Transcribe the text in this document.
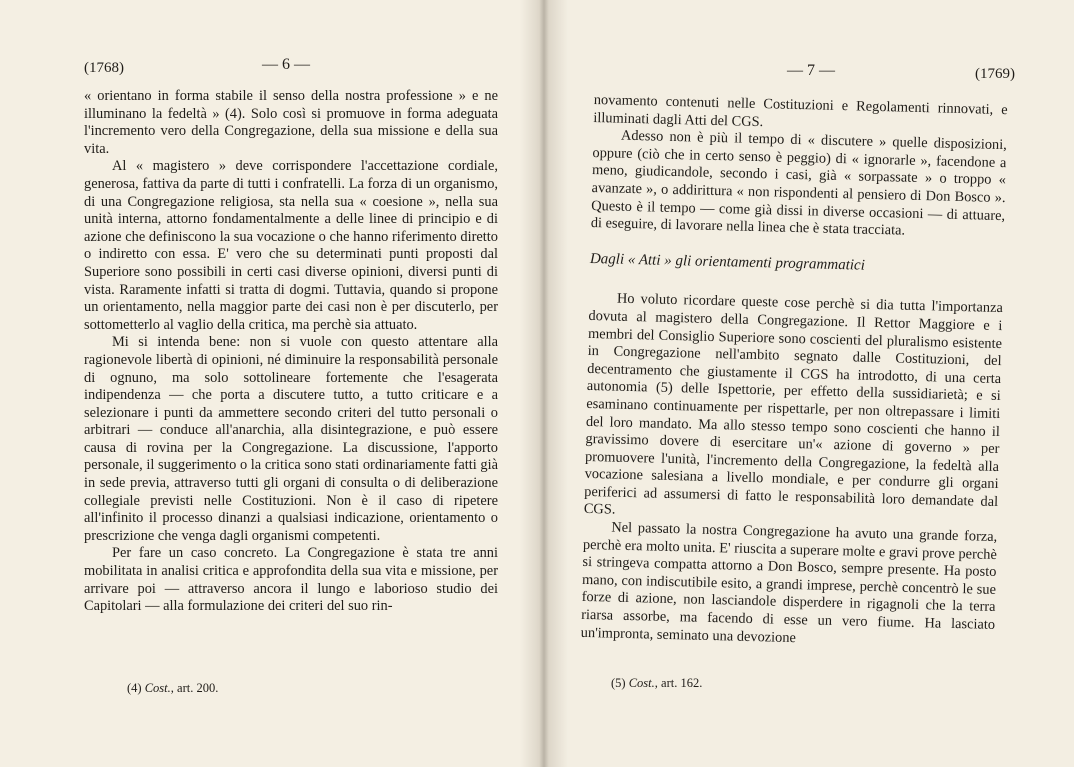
(1768)	— 6 —

« orientano in forma stabile il senso della nostra professione » e ne illuminano la fedeltà » (4). Solo così si promuove in forma adeguata l'incremento vero della Congregazione, della sua missione e della sua vita.

Al « magistero » deve corrispondere l'accettazione cordiale, generosa, fattiva da parte di tutti i confratelli. La forza di un organismo, di una Congregazione religiosa, sta nella sua « coesione », nella sua unità interna, attorno fondamentalmente a delle linee di principio e di azione che definiscono la sua vocazione o che hanno riferimento diretto o indiretto con essa. E' vero che su determinati punti proposti dal Superiore sono possibili in certi casi diverse opinioni, diversi punti di vista. Raramente infatti si tratta di dogmi. Tuttavia, quando si propone un orientamento, nella maggior parte dei casi non è per discuterlo, per sottometterlo al vaglio della critica, ma perchè sia attuato.

Mi si intenda bene: non si vuole con questo attentare alla ragionevole libertà di opinioni, né diminuire la responsabilità personale di ognuno, ma solo sottolineare fortemente che l'esagerata indipendenza — che porta a discutere tutto, a tutto criticare e a selezionare i punti da ammettere secondo criteri del tutto personali o arbitrari — conduce all'anarchia, alla disintegrazione, e può essere causa di rovina per la Congregazione. La discussione, l'apporto personale, il suggerimento o la critica sono stati ordinariamente fatti già in sede previa, attraverso tutti gli organi di consulta o di deliberazione collegiale previsti nelle Costituzioni. Non è il caso di ripetere all'infinito il processo dinanzi a qualsiasi indicazione, orientamento o prescrizione che venga dagli organismi competenti.

Per fare un caso concreto. La Congregazione è stata tre anni mobilitata in analisi critica e approfondita della sua vita e missione, per arrivare poi — attraverso ancora il lungo e laborioso studio dei Capitolari — alla formulazione dei criteri del suo rin-

(4) Cost., art. 200.
— 7 —	(1769)

novamento contenuti nelle Costituzioni e Regolamenti rinnovati, e illuminati dagli Atti del CGS.

Adesso non è più il tempo di « discutere » quelle disposizioni, oppure (ciò che in certo senso è peggio) di « ignorarle », facendone a meno, giudicandole, secondo i casi, già « sorpassate » o troppo « avanzate », o addirittura « non rispondenti al pensiero di Don Bosco ». Questo è il tempo — come già dissi in diverse occasioni — di attuare, di eseguire, di lavorare nella linea che è stata tracciata.

Dagli « Atti » gli orientamenti programmatici

Ho voluto ricordare queste cose perchè si dia tutta l'importanza dovuta al magistero della Congregazione. Il Rettor Maggiore e i membri del Consiglio Superiore sono coscienti del pluralismo esistente in Congregazione nell'ambito segnato dalle Costituzioni, del decentramento che giustamente il CGS ha introdotto, di una certa autonomia (5) delle Ispettorie, per effetto della sussidiarietà; e si esaminano continuamente per rispettarle, per non oltrepassare i limiti del loro mandato. Ma allo stesso tempo sono coscienti che hanno il gravissimo dovere di esercitare un'« azione di governo » per promuovere l'unità, l'incremento della Congregazione, la fedeltà alla vocazione salesiana a livello mondiale, e per condurre gli organi periferici ad assumersi di fatto le responsabilità loro demandate dal CGS.

Nel passato la nostra Congregazione ha avuto una grande forza, perchè era molto unita. E' riuscita a superare molte e gravi prove perchè si stringeva compatta attorno a Don Bosco, sempre presente. Ha posto mano, con indiscutibile esito, a grandi imprese, perchè concentrò le sue forze di azione, non lasciandole disperdere in rigagnoli che la terra riarsa assorbe, ma facendo di esse un vero fiume. Ha lasciato un'impronta, seminato una devozione

(5) Cost., art. 162.
